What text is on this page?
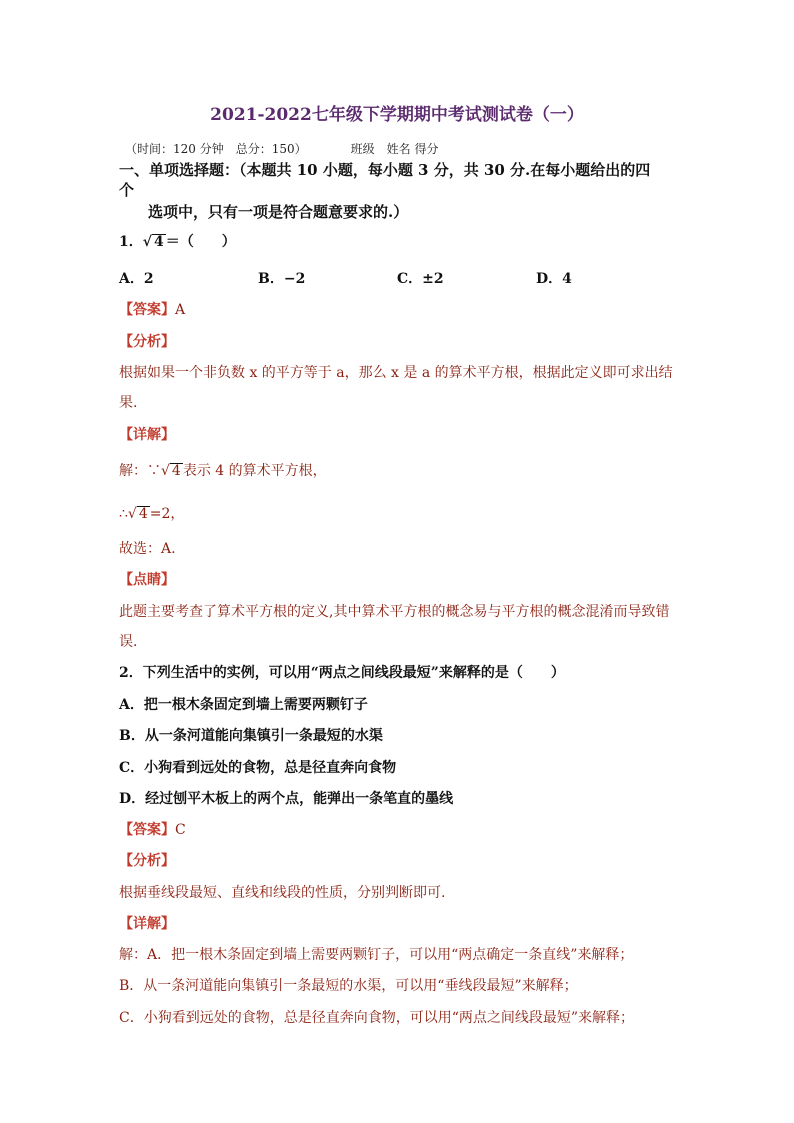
2021-2022七年级下学期期中考试测试卷（一）
（时间：120 分钟　总分：150）	班级　姓名 得分
一、单项选择题：（本题共 10 小题，每小题 3 分，共 30 分.在每小题给出的四
个
选项中，只有一项是符合题意要求的.）
1．√ 4 ＝（　　）
A．2	B．−2	C．±2	D．4
【答案】A
【分析】
根据如果一个非负数 x 的平方等于 a，那么 x 是 a 的算术平方根，根据此定义即可求出结
果.
【详解】
解：∵√ 4 表示 4 的算术平方根，
∴√ 4 =2，
故选：A.
【点睛】
此题主要考查了算术平方根的定义,其中算术平方根的概念易与平方根的概念混淆而导致错
误.
2．下列生活中的实例，可以用“两点之间线段最短”来解释的是（　　）
A．把一根木条固定到墙上需要两颗钉子
B．从一条河道能向集镇引一条最短的水渠
C．小狗看到远处的食物，总是径直奔向食物
D．经过刨平木板上的两个点，能弹出一条笔直的墨线
【答案】C
【分析】
根据垂线段最短、直线和线段的性质，分别判断即可.
【详解】
解：A．把一根木条固定到墙上需要两颗钉子，可以用“两点确定一条直线”来解释；
B．从一条河道能向集镇引一条最短的水渠，可以用“垂线段最短”来解释；
C．小狗看到远处的食物，总是径直奔向食物，可以用“两点之间线段最短”来解释；
